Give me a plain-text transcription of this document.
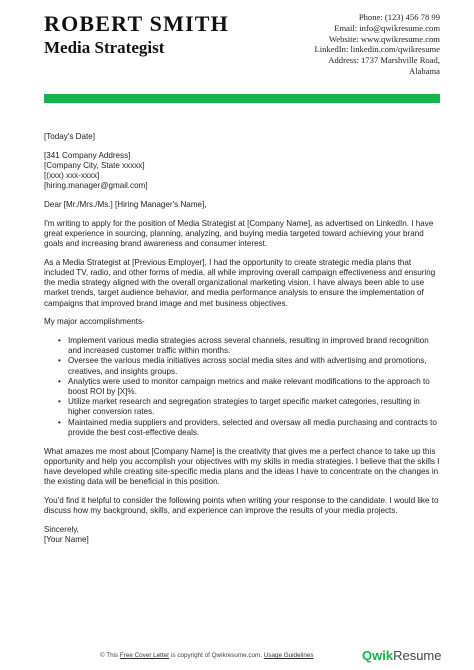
ROBERT SMITH
Media Strategist
Phone: (123) 456 78 99
Email: info@qwikresume.com
Website: www.qwikresume.com
LinkedIn: linkedin.com/qwikresume
Address: 1737 Marshville Road,
Alabama

[Today's Date]

[341 Company Address]
[Company City, State xxxxx]
[(xxx) xxx-xxxx]
[hiring.manager@gmail.com]

Dear [Mr./Mrs./Ms.] [Hiring Manager's Name],

I'm writing to apply for the position of Media Strategist at [Company Name], as advertised on LinkedIn. I have great experience in sourcing, planning, analyzing, and buying media targeted toward achieving your brand goals and increasing brand awareness and consumer interest.

As a Media Strategist at [Previous Employer], I had the opportunity to create strategic media plans that included TV, radio, and other forms of media, all while improving overall campaign effectiveness and ensuring the media strategy aligned with the overall organizational marketing vision. I have always been able to use market trends, target audience behavior, and media performance analysis to ensure the implementation of campaigns that improved brand image and met business objectives.

My major accomplishments-

• Implement various media strategies across several channels, resulting in improved brand recognition and increased customer traffic within months.
• Oversee the various media initiatives across social media sites and with advertising and promotions, creatives, and insights groups.
• Analytics were used to monitor campaign metrics and make relevant modifications to the approach to boost ROI by [X]%.
• Utilize market research and segregation strategies to target specific market categories, resulting in higher conversion rates.
• Maintained media suppliers and providers, selected and oversaw all media purchasing and contracts to provide the best cost-effective deals.

What amazes me most about [Company Name] is the creativity that gives me a perfect chance to take up this opportunity and help you accomplish your objectives with my skills in media strategies. I believe that the skills I have developed while creating site-specific media plans and the ideas I have to concentrate on the changes in the existing data will be beneficial in this position.

You'd find it helpful to consider the following points when writing your response to the candidate. I would like to discuss how my background, skills, and experience can improve the results of your media projects.

Sincerely,
[Your Name]
© This Free Cover Letter is copyright of Qwikresume.com. Usage Guidelines	QwikResume
